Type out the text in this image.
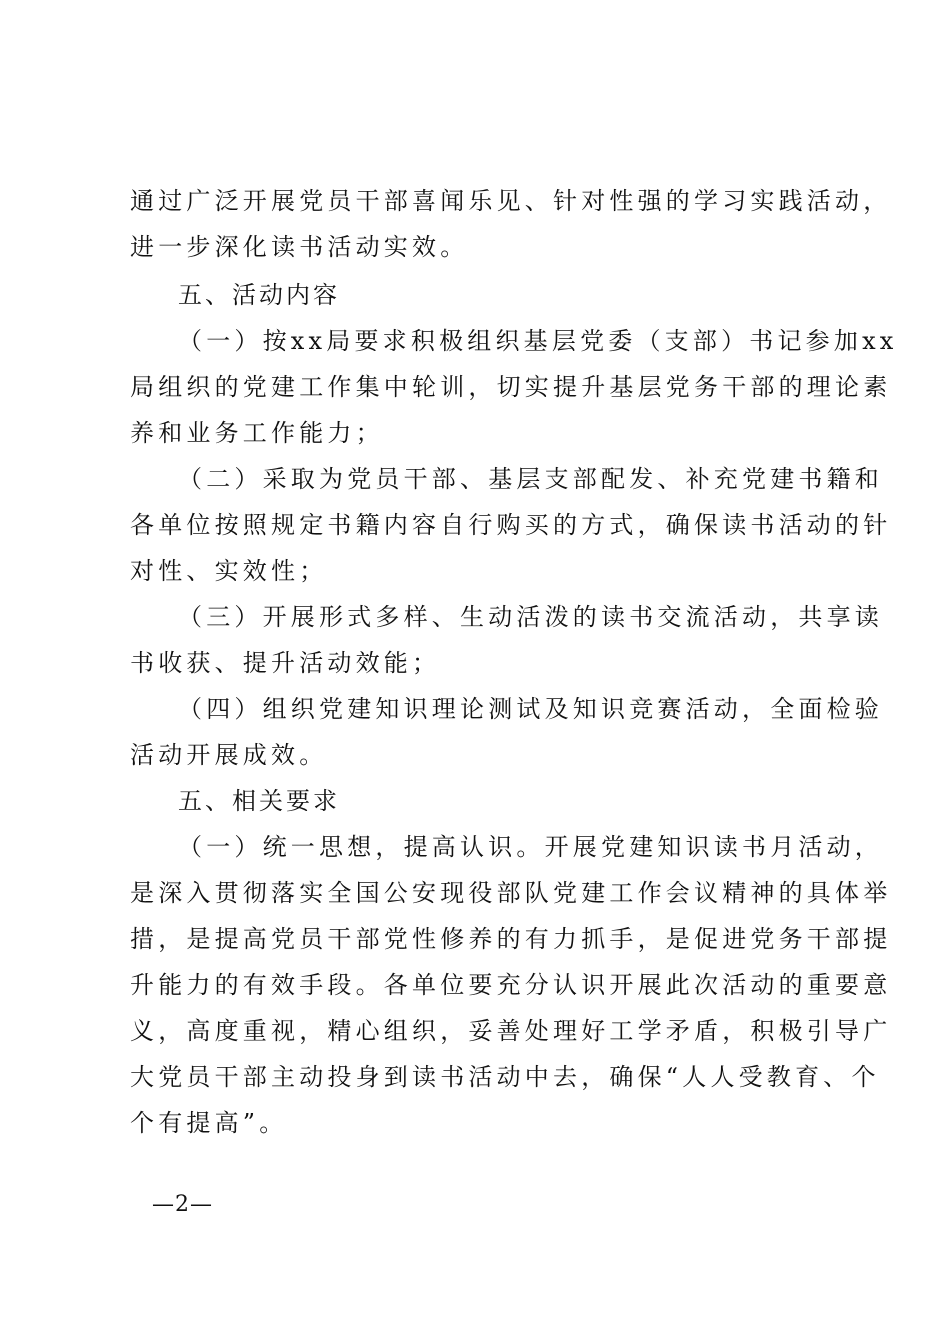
通过广泛开展党员干部喜闻乐见、针对性强的学习实践活动，
进一步深化读书活动实效。
五、活动内容
（一）按xx局要求积极组织基层党委（支部）书记参加xx
局组织的党建工作集中轮训，切实提升基层党务干部的理论素
养和业务工作能力；
（二）采取为党员干部、基层支部配发、补充党建书籍和
各单位按照规定书籍内容自行购买的方式，确保读书活动的针
对性、实效性；
（三）开展形式多样、生动活泼的读书交流活动，共享读
书收获、提升活动效能；
（四）组织党建知识理论测试及知识竞赛活动，全面检验
活动开展成效。
五、相关要求
（一）统一思想，提高认识。开展党建知识读书月活动，
是深入贯彻落实全国公安现役部队党建工作会议精神的具体举
措，是提高党员干部党性修养的有力抓手，是促进党务干部提
升能力的有效手段。各单位要充分认识开展此次活动的重要意
义，高度重视，精心组织，妥善处理好工学矛盾，积极引导广
大党员干部主动投身到读书活动中去，确保“人人受教育、个
个有提高”。
—2—
